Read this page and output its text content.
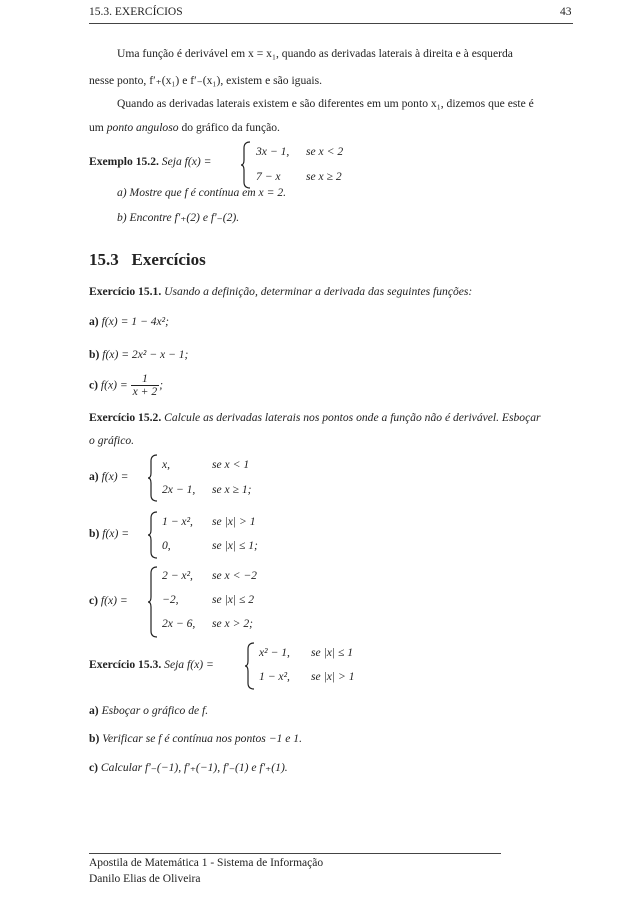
15.3. EXERCÍCIOS	43
Uma função é derivável em x = x₁, quando as derivadas laterais à direita e à esquerda
nesse ponto, f′₊(x₁) e f′₋(x₁), existem e são iguais.
Quando as derivadas laterais existem e são diferentes em um ponto x₁, dizemos que este é
um ponto anguloso do gráfico da função.
Exemplo 15.2. Seja f(x) =
3x − 1, se x < 2
7 − x se x ≥ 2
a) Mostre que f é contínua em x = 2.
b) Encontre f′₊(2) e f′₋(2).
15.3 Exercícios
Exercício 15.1. Usando a definição, determinar a derivada das seguintes funções:
a) f(x) = 1 − 4x²;
b) f(x) = 2x² − x − 1;
c) $f(x) = \frac{1}{x + 2}$ ;
Exercício 15.2. Calcule as derivadas laterais nos pontos onde a função não é derivável. Esboçar
o gráfico.
a) f(x) =
x,	se x < 1
2x − 1, se x ≥ 1;
b) f(x) =
1 − x², se |x| > 1
0,	se |x| ≤ 1;
c) f(x) =
2 − x², se x < −2
−2,	se |x| ≤ 2
2x − 6, se x > 2;
Exercício 15.3. Seja f(x) =
x² − 1, se |x| ≤ 1
1 − x², se |x| > 1
a) Esboçar o gráfico de f.
b) Verificar se f é contínua nos pontos −1 e 1.
c) Calcular f′₋(−1), f′₊(−1), f′₋(1) e f′₊(1).
Apostila de Matemática 1 - Sistema de Informação
Danilo Elias de Oliveira
